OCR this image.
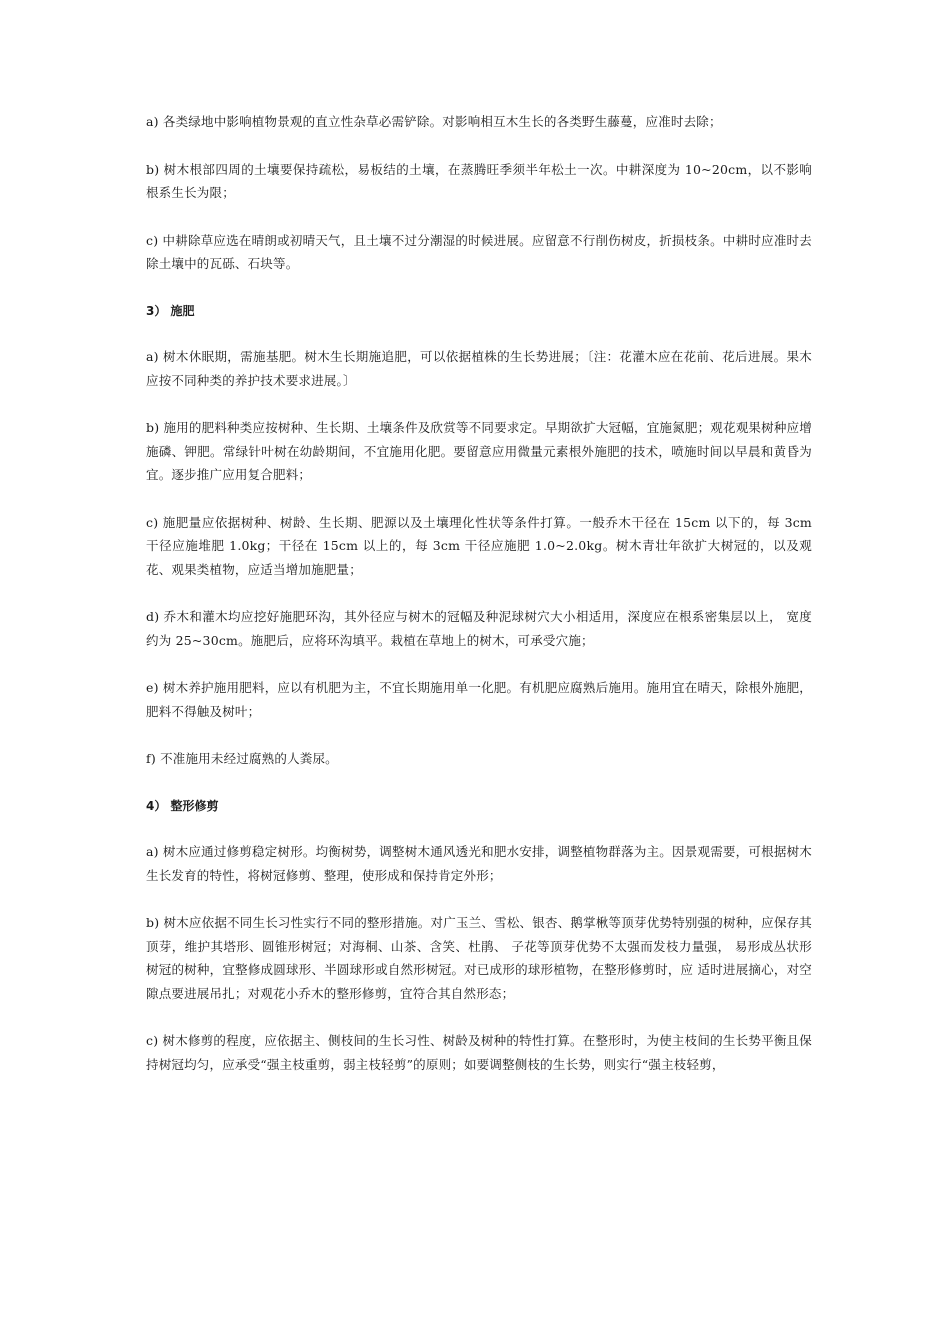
a) 各类绿地中影响植物景观的直立性杂草必需铲除。对影响相互木生长的各类野生藤蔓，应准时去除；

b) 树木根部四周的土壤要保持疏松，易板结的土壤，在蒸腾旺季须半年松土一次。中耕深度为 10~20cm，以不影响根系生长为限；

c) 中耕除草应选在晴朗或初晴天气，且土壤不过分潮湿的时候进展。应留意不行削伤树皮，折损枝条。中耕时应准时去除土壤中的瓦砾、石块等。

3） 施肥

a) 树木休眠期，需施基肥。树木生长期施追肥，可以依据植株的生长势进展；〔注：花灌木应在花前、花后进展。果木应按不同种类的养护技术要求进展。〕

b) 施用的肥料种类应按树种、生长期、土壤条件及欣赏等不同要求定。早期欲扩大冠幅，宜施氮肥；观花观果树种应增施磷、钾肥。常绿针叶树在幼龄期间，不宜施用化肥。要留意应用微量元素根外施肥的技术，喷施时间以早晨和黄昏为宜。逐步推广应用复合肥料；

c) 施肥量应依据树种、树龄、生长期、肥源以及土壤理化性状等条件打算。一般乔木干径在 15cm 以下的，每 3cm 干径应施堆肥 1.0kg；干径在 15cm 以上的，每 3cm 干径应施肥 1.0~2.0kg。树木青壮年欲扩大树冠的，以及观花、观果类植物，应适当增加施肥量；

d) 乔木和灌木均应挖好施肥环沟，其外径应与树木的冠幅及种泥球树穴大小相适用，深度应在根系密集层以上， 宽度约为 25~30cm。施肥后，应将环沟填平。栽植在草地上的树木，可承受穴施；

e) 树木养护施用肥料，应以有机肥为主，不宜长期施用单一化肥。有机肥应腐熟后施用。施用宜在晴天，除根外施肥，肥料不得触及树叶；

f) 不准施用未经过腐熟的人粪尿。

4） 整形修剪

a) 树木应通过修剪稳定树形。均衡树势，调整树木通风透光和肥水安排，调整植物群落为主。因景观需要，可根据树木生长发育的特性，将树冠修剪、整理，使形成和保持肯定外形；

b) 树木应依据不同生长习性实行不同的整形措施。对广玉兰、雪松、银杏、鹅掌楸等顶芽优势特别强的树种，应保存其顶芽，维护其塔形、圆锥形树冠；对海桐、山茶、含笑、杜鹃、 子花等顶芽优势不太强而发枝力量强， 易形成丛状形树冠的树种，宜整修成圆球形、半圆球形或自然形树冠。对已成形的球形植物，在整形修剪时，应 适时进展摘心，对空隙点要进展吊扎；对观花小乔木的整形修剪，宜符合其自然形态；

c) 树木修剪的程度，应依据主、侧枝间的生长习性、树龄及树种的特性打算。在整形时，为使主枝间的生长势平衡且保持树冠均匀，应承受“强主枝重剪，弱主枝轻剪”的原则；如要调整侧枝的生长势，则实行“强主枝轻剪，
